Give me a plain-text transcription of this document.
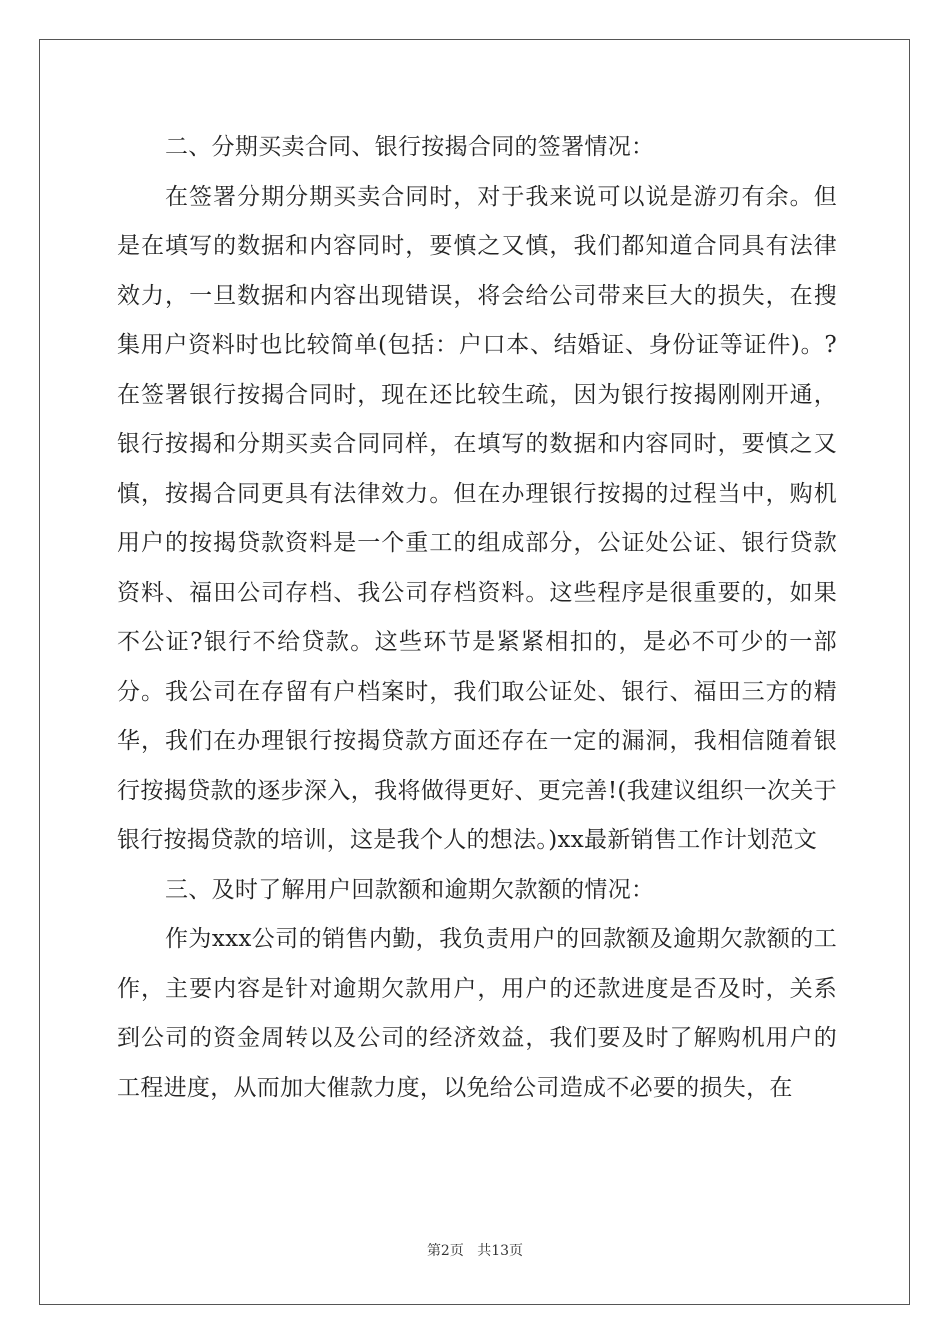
二、分期买卖合同、银行按揭合同的签署情况：

在签署分期分期买卖合同时，对于我来说可以说是游刃有余。但是在填写的数据和内容同时，要慎之又慎，我们都知道合同具有法律效力，一旦数据和内容出现错误，将会给公司带来巨大的损失，在搜集用户资料时也比较简单(包括：户口本、结婚证、身份证等证件)。?在签署银行按揭合同时，现在还比较生疏，因为银行按揭刚刚开通，银行按揭和分期买卖合同同样，在填写的数据和内容同时，要慎之又慎，按揭合同更具有法律效力。但在办理银行按揭的过程当中，购机用户的按揭贷款资料是一个重工的组成部分，公证处公证、银行贷款资料、福田公司存档、我公司存档资料。这些程序是很重要的，如果不公证?银行不给贷款。这些环节是紧紧相扣的，是必不可少的一部分。我公司在存留有户档案时，我们取公证处、银行、福田三方的精华，我们在办理银行按揭贷款方面还存在一定的漏洞，我相信随着银行按揭贷款的逐步深入，我将做得更好、更完善!(我建议组织一次关于银行按揭贷款的培训，这是我个人的想法。)xx最新销售工作计划范文

三、及时了解用户回款额和逾期欠款额的情况：

作为xxx公司的销售内勤，我负责用户的回款额及逾期欠款额的工作，主要内容是针对逾期欠款用户，用户的还款进度是否及时，关系到公司的资金周转以及公司的经济效益，我们要及时了解购机用户的工程进度，从而加大催款力度，以免给公司造成不必要的损失，在

第2页 共13页
